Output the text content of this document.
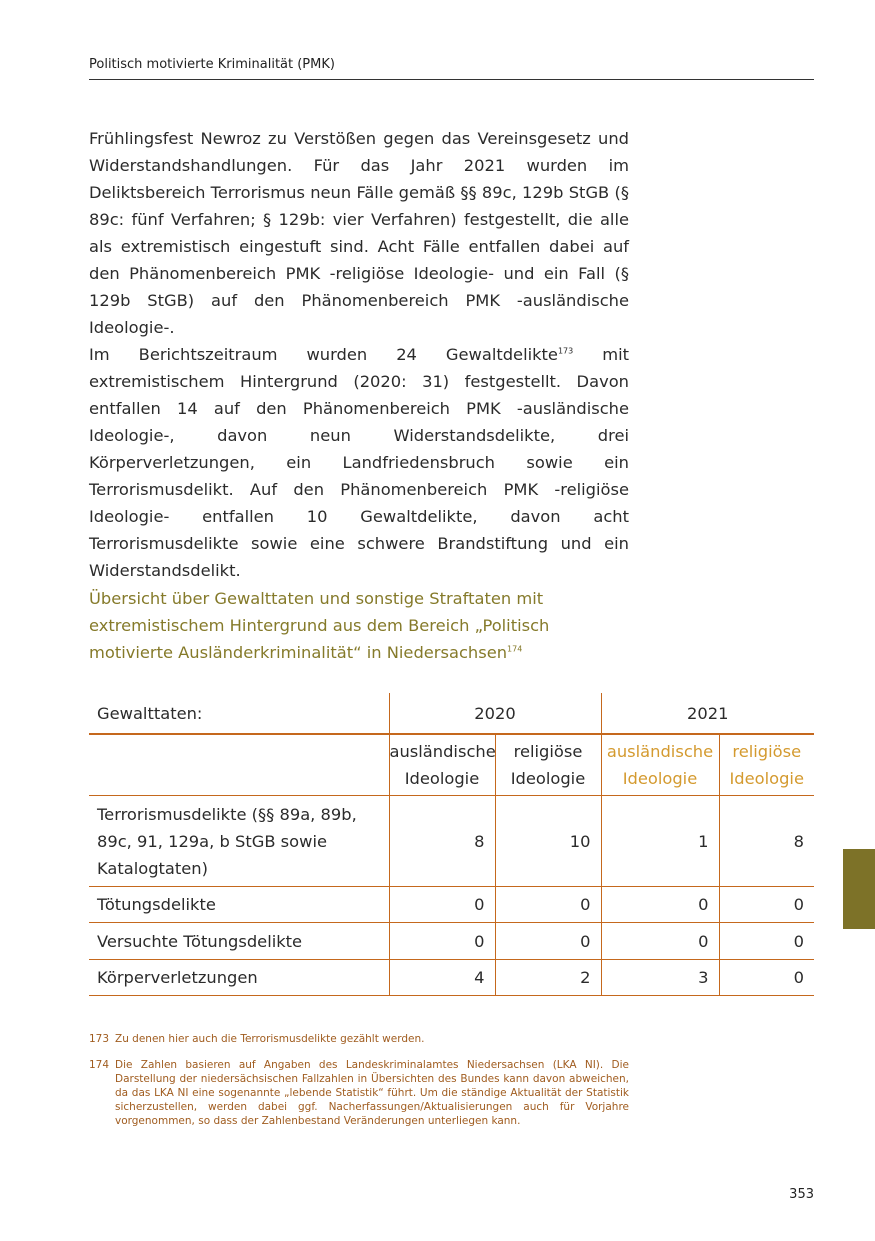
Politisch motivierte Kriminalität (PMK)

Frühlingsfest Newroz zu Verstößen gegen das Vereinsgesetz und Widerstandshandlungen. Für das Jahr 2021 wurden im Deliktsbereich Terrorismus neun Fälle gemäß §§ 89c, 129b StGB (§ 89c: fünf Verfahren; § 129b: vier Verfahren) festgestellt, die alle als extremistisch eingestuft sind. Acht Fälle entfallen dabei auf den Phänomenbereich PMK -religiöse Ideologie- und ein Fall (§ 129b StGB) auf den Phänomenbereich PMK -ausländische Ideologie-.

Im Berichtszeitraum wurden 24 Gewaltdelikte$^{173}$ mit extremistischem Hintergrund (2020: 31) festgestellt. Davon entfallen 14 auf den Phänomenbereich PMK -ausländische Ideologie-, davon neun Widerstandsdelikte, drei Körperverletzungen, ein Landfriedensbruch sowie ein Terrorismusdelikt. Auf den Phänomenbereich PMK -religiöse Ideologie- entfallen 10 Gewaltdelikte, davon acht Terrorismusdelikte sowie eine schwere Brandstiftung und ein Widerstandsdelikt.

Übersicht über Gewalttaten und sonstige Straftaten mit extremistischem Hintergrund aus dem Bereich „Politisch motivierte Ausländerkriminalität“ in Niedersachsen$^{174}$

Gewalttaten:	2020		2021	
	ausländische Ideologie	religiöse Ideologie	ausländische Ideologie	religiöse Ideologie
Terrorismusdelikte (§§ 89a, 89b, 89c, 91, 129a, b StGB sowie Katalogtaten)	8	10	1	8
Tötungsdelikte	0	0	0	0
Versuchte Tötungsdelikte	0	0	0	0
Körperverletzungen	4	2	3	0
173 Zu denen hier auch die Terrorismusdelikte gezählt werden.
174 Die Zahlen basieren auf Angaben des Landeskriminalamtes Niedersachsen (LKA NI). Die Darstellung der niedersächsischen Fallzahlen in Übersichten des Bundes kann davon abweichen, da das LKA NI eine sogenannte „lebende Statistik“ führt. Um die ständige Aktualität der Statistik sicherzustellen, werden dabei ggf. Nacherfassungen/Aktualisierungen auch für Vorjahre vorgenommen, so dass der Zahlenbestand Veränderungen unterliegen kann.
353
